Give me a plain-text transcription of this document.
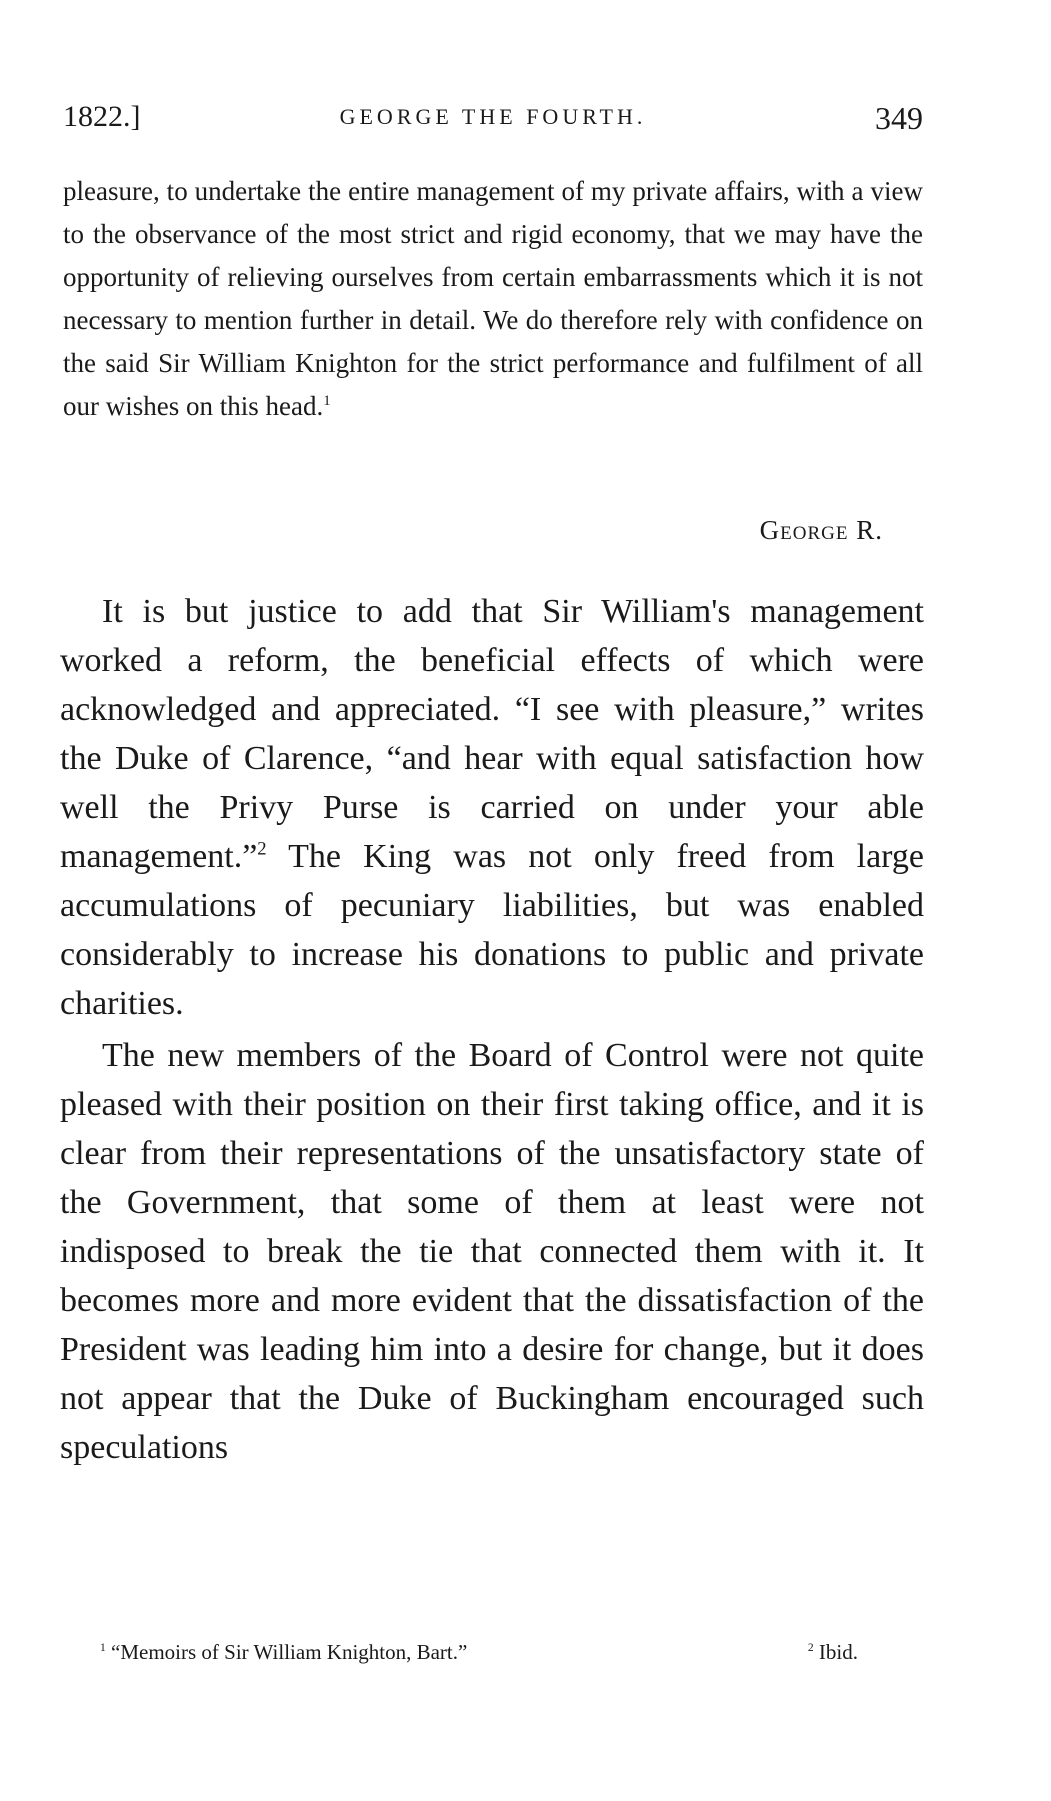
1822.]	GEORGE THE FOURTH.	349
pleasure, to undertake the entire management of my private affairs, with a view to the observance of the most strict and rigid economy, that we may have the opportunity of relieving ourselves from certain embarrassments which it is not necessary to mention further in detail. We do therefore rely with confidence on the said Sir William Knighton for the strict performance and fulfilment of all our wishes on this head.$^1$
George R.

It is but justice to add that Sir William's management worked a reform, the beneficial effects of which were acknowledged and appreciated. “I see with pleasure,” writes the Duke of Clarence, “and hear with equal satisfaction how well the Privy Purse is carried on under your able management.”$^2$ The King was not only freed from large accumulations of pecuniary liabilities, but was enabled considerably to increase his donations to public and private charities.

The new members of the Board of Control were not quite pleased with their position on their first taking office, and it is clear from their representations of the unsatisfactory state of the Government, that some of them at least were not indisposed to break the tie that connected them with it. It becomes more and more evident that the dissatisfaction of the President was leading him into a desire for change, but it does not appear that the Duke of Buckingham encouraged such speculations

$^1$ “Memoirs of Sir William Knighton, Bart.”	$^2$ Ibid.
